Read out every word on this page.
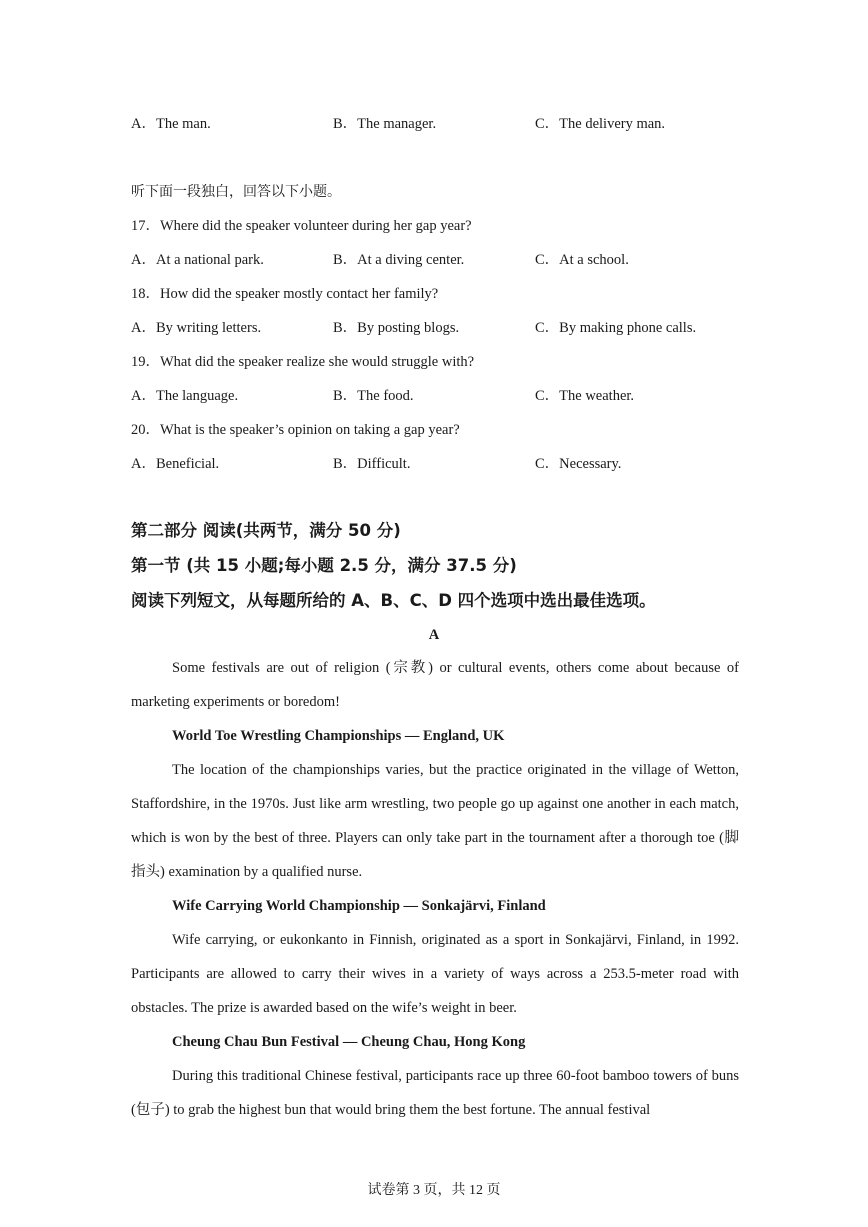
A．The man.	B．The manager.	C．The delivery man.
听下面一段独白，回答以下小题。
17．Where did the speaker volunteer during her gap year?
A．At a national park.	B．At a diving center.	C．At a school.
18．How did the speaker mostly contact her family?
A．By writing letters.	B．By posting blogs.	C．By making phone calls.
19．What did the speaker realize she would struggle with?
A．The language.	B．The food.	C．The weather.
20．What is the speaker’s opinion on taking a gap year?
A．Beneficial.	B．Difficult.	C．Necessary.
第二部分 阅读(共两节，满分 50 分)
第一节 (共 15 小题;每小题 2.5 分，满分 37.5 分)
阅读下列短文，从每题所给的 A、B、C、D 四个选项中选出最佳选项。
A

Some festivals are out of religion (宗教) or cultural events, others come about because of marketing experiments or boredom!

World Toe Wrestling Championships — England, UK

The location of the championships varies, but the practice originated in the village of Wetton, Staffordshire, in the 1970s. Just like arm wrestling, two people go up against one another in each match, which is won by the best of three. Players can only take part in the tournament after a thorough toe (脚指头) examination by a qualified nurse.

Wife Carrying World Championship — Sonkajärvi, Finland

Wife carrying, or eukonkanto in Finnish, originated as a sport in Sonkajärvi, Finland, in 1992. Participants are allowed to carry their wives in a variety of ways across a 253.5-meter road with obstacles. The prize is awarded based on the wife’s weight in beer.

Cheung Chau Bun Festival — Cheung Chau, Hong Kong

During this traditional Chinese festival, participants race up three 60-foot bamboo towers of buns (包子) to grab the highest bun that would bring them the best fortune. The annual festival

试卷第 3 页，共 12 页
